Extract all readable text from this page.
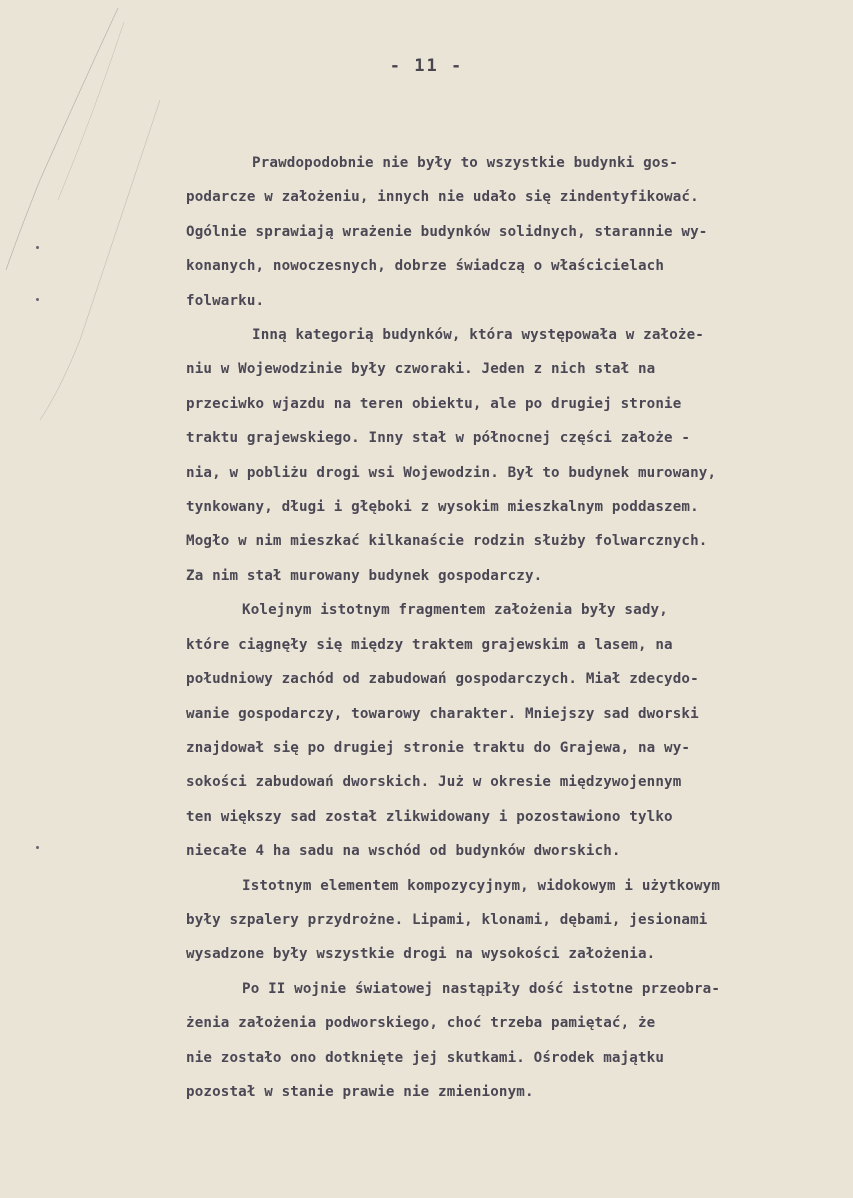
- 11 -
Prawdopodobnie nie były to wszystkie budynki gos-
podarcze w założeniu, innych nie udało się zindentyfikować.
Ogólnie sprawiają wrażenie budynków solidnych, starannie wy-
konanych, nowoczesnych, dobrze świadczą o właścicielach
folwarku.
Inną kategorią budynków, która występowała w założe-
niu w Wojewodzinie były czworaki. Jeden z nich stał na
przeciwko wjazdu na teren obiektu, ale po drugiej stronie
traktu grajewskiego. Inny stał w północnej części założe -
nia, w pobliżu drogi wsi Wojewodzin. Był to budynek murowany,
tynkowany, długi i głęboki z wysokim mieszkalnym poddaszem.
Mogło w nim mieszkać kilkanaście rodzin służby folwarcznych.
Za nim stał murowany budynek gospodarczy.
Kolejnym istotnym fragmentem założenia były sady,
które ciągnęły się między traktem grajewskim a lasem, na
południowy zachód od zabudowań gospodarczych. Miał zdecydo-
wanie gospodarczy, towarowy charakter. Mniejszy sad dworski
znajdował się po drugiej stronie traktu do Grajewa, na wy-
sokości zabudowań dworskich. Już w okresie międzywojennym
ten większy sad został zlikwidowany i pozostawiono tylko
niecałe 4 ha sadu na wschód od budynków dworskich.
Istotnym elementem kompozycyjnym, widokowym i użytkowym
były szpalery przydrożne. Lipami, klonami, dębami, jesionami
wysadzone były wszystkie drogi na wysokości założenia.
Po II wojnie światowej nastąpiły dość istotne przeobra-
żenia założenia podworskiego, choć trzeba pamiętać, że
nie zostało ono dotknięte jej skutkami. Ośrodek majątku
pozostał w stanie prawie nie zmienionym.
